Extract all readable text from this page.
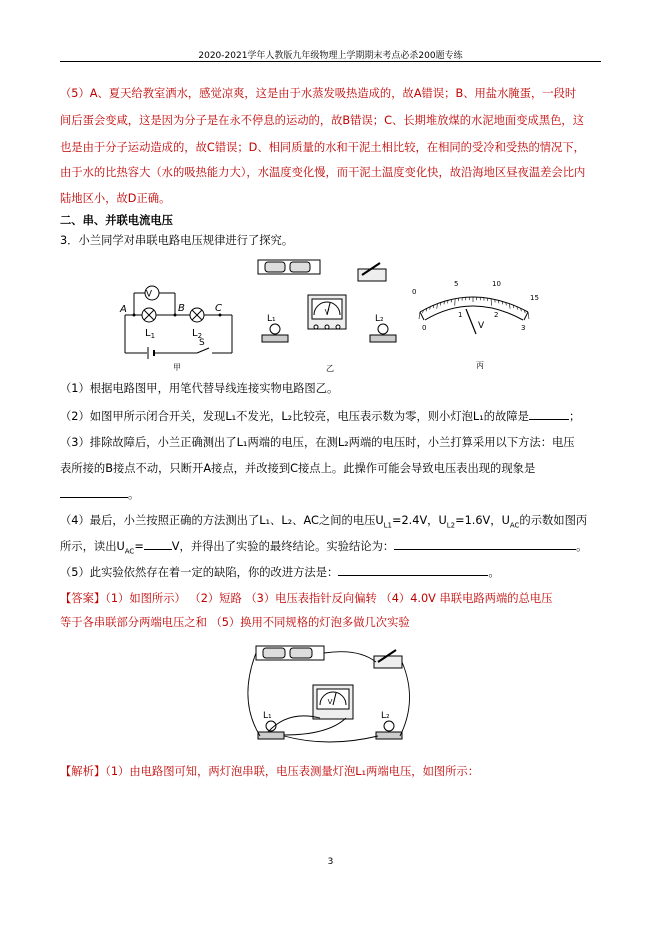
2020-2021学年人教版九年级物理上学期期末考点必杀200题专练
（5）A、夏天给教室洒水，感觉凉爽，这是由于水蒸发吸热造成的，故A错误；B、用盐水腌蛋，一段时
间后蛋会变咸，这是因为分子是在永不停息的运动的，故B错误；C、长期堆放煤的水泥地面变成黑色，这
也是由于分子运动造成的，故C错误；D、相同质量的水和干泥土相比较，在相同的受冷和受热的情况下，
由于水的比热容大（水的吸热能力大），水温度变化慢，而干泥土温度变化快，故沿海地区昼夜温差会比内
陆地区小，故D正确。
二、串、并联电流电压
3．小兰同学对串联电路电压规律进行了探究。
V
A	B	C
$L_1$	$L_2$
S
甲
V
L₁	L₂
乙
0
5	10
15
0
1	2
3
V
丙
（1）根据电路图甲，用笔代替导线连接实物电路图乙。
（2）如图甲所示闭合开关，发现L₁不发光，L₂比较亮，电压表示数为零，则小灯泡L₁的故障是	；
（3）排除故障后，小兰正确测出了L₁两端的电压，在测L₂两端的电压时，小兰打算采用以下方法：电压
表所接的B接点不动，只断开A接点，并改接到C接点上。此操作可能会导致电压表出现的现象是
。
（4）最后，小兰按照正确的方法测出了L₁、L₂、AC之间的电压$U_{L1}=2.4V$，$U_{L2}=1.6V$，$U_{AC}$的示数如图丙
所示，读出$U_{AC}= V$，并得出了实验的最终结论。实验结论为：	。
（5）此实验依然存在着一定的缺陷，你的改进方法是：	。
【答案】（1）如图所示） （2）短路 （3）电压表指针反向偏转 （4）4.0V 串联电路两端的总电压
等于各串联部分两端电压之和 （5）换用不同规格的灯泡多做几次实验
V
L₁	L₂
【解析】（1）由电路图可知，两灯泡串联，电压表测量灯泡L₁两端电压，如图所示：
3
